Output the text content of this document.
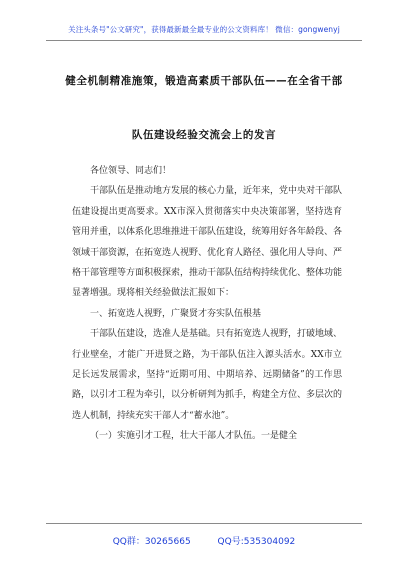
关注头条号"公文研究"，获得最新最全最专业的公文资料库！ 微信：gongwenyj
健全机制精准施策，锻造高素质干部队伍——在全省干部
队伍建设经验交流会上的发言

各位领导、同志们！

干部队伍是推动地方发展的核心力量，近年来，党中央对干部队伍建设提出更高要求。XX市深入贯彻落实中央决策部署，坚持选育管用并重，以体系化思维推进干部队伍建设，统筹用好各年龄段、各领域干部资源，在拓宽选人视野、优化育人路径、强化用人导向、严格干部管理等方面积极探索，推动干部队伍结构持续优化、整体功能显著增强。现将相关经验做法汇报如下：

一、拓宽选人视野，广聚贤才夯实队伍根基

干部队伍建设，选准人是基础。只有拓宽选人视野，打破地域、行业壁垒，才能广开进贤之路，为干部队伍注入源头活水。XX市立足长远发展需求，坚持“近期可用、中期培养、远期储备”的工作思路，以引才工程为牵引，以分析研判为抓手，构建全方位、多层次的选人机制，持续充实干部人才“蓄水池”。

（一）实施引才工程，壮大干部人才队伍。一是健全

QQ群：30265665	QQ号:535304092
